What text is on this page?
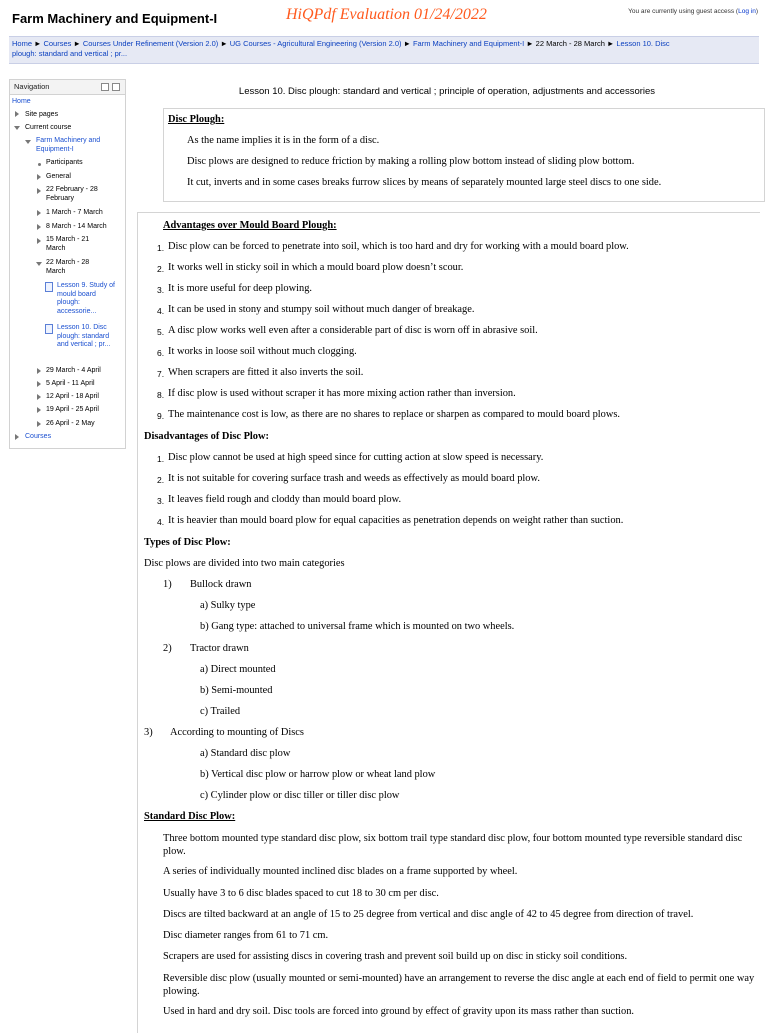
Farm Machinery and Equipment-I	HiQPdf Evaluation 01/24/2022	You are currently using guest access (Log in)
Home ► Courses ► Courses Under Refinement (Version 2.0) ► UG Courses - Agricultural Engineering (Version 2.0) ► Farm Machinery and Equipment-I ► 22 March - 28 March ► Lesson 10. Disc
plough: standard and vertical ; pr...
Navigation
Home
Site pages
Current course
Farm Machinery and Equipment-I
Participants
General
22 February - 28 February
1 March - 7 March
8 March - 14 March
15 March - 21 March
22 March - 28 March
Lesson 9. Study of mould board plough: accessorie...
Lesson 10. Disc plough: standard and vertical ; pr...
29 March - 4 April
5 April - 11 April
12 April - 18 April
19 April - 25 April
26 April - 2 May
Courses
Lesson 10. Disc plough: standard and vertical ; principle of operation, adjustments and accessories
Disc Plough:
As the name implies it is in the form of a disc.
Disc plows are designed to reduce friction by making a rolling plow bottom instead of sliding plow bottom.
It cut, inverts and in some cases breaks furrow slices by means of separately mounted large steel discs to one side.
Advantages over Mould Board Plough:
1. Disc plow can be forced to penetrate into soil, which is too hard and dry for working with a mould board plow.
2. It works well in sticky soil in which a mould board plow doesn’t scour.
3. It is more useful for deep plowing.
4. It can be used in stony and stumpy soil without much danger of breakage.
5. A disc plow works well even after a considerable part of disc is worn off in abrasive soil.
6. It works in loose soil without much clogging.
7. When scrapers are fitted it also inverts the soil.
8. If disc plow is used without scraper it has more mixing action rather than inversion.
9. The maintenance cost is low, as there are no shares to replace or sharpen as compared to mould board plows.
Disadvantages of Disc Plow:
1. Disc plow cannot be used at high speed since for cutting action at slow speed is necessary.
2. It is not suitable for covering surface trash and weeds as effectively as mould board plow.
3. It leaves field rough and cloddy than mould board plow.
4. It is heavier than mould board plow for equal capacities as penetration depends on weight rather than suction.
Types of Disc Plow:
Disc plows are divided into two main categories
1) Bullock drawn
a) Sulky type
b) Gang type: attached to universal frame which is mounted on two wheels.
2) Tractor drawn
a) Direct mounted
b) Semi-mounted
c) Trailed
3) According to mounting of Discs
a) Standard disc plow
b) Vertical disc plow or harrow plow or wheat land plow
c) Cylinder plow or disc tiller or tiller disc plow
Standard Disc Plow:
Three bottom mounted type standard disc plow, six bottom trail type standard disc plow, four bottom mounted type reversible standard disc plow.
A series of individually mounted inclined disc blades on a frame supported by wheel.
Usually have 3 to 6 disc blades spaced to cut 18 to 30 cm per disc.
Discs are tilted backward at an angle of 15 to 25 degree from vertical and disc angle of 42 to 45 degree from direction of travel.
Disc diameter ranges from 61 to 71 cm.
Scrapers are used for assisting discs in covering trash and prevent soil build up on disc in sticky soil conditions.
Reversible disc plow (usually mounted or semi-mounted) have an arrangement to reverse the disc angle at each end of field to permit one way plowing.
Used in hard and dry soil. Disc tools are forced into ground by effect of gravity upon its mass rather than suction.
